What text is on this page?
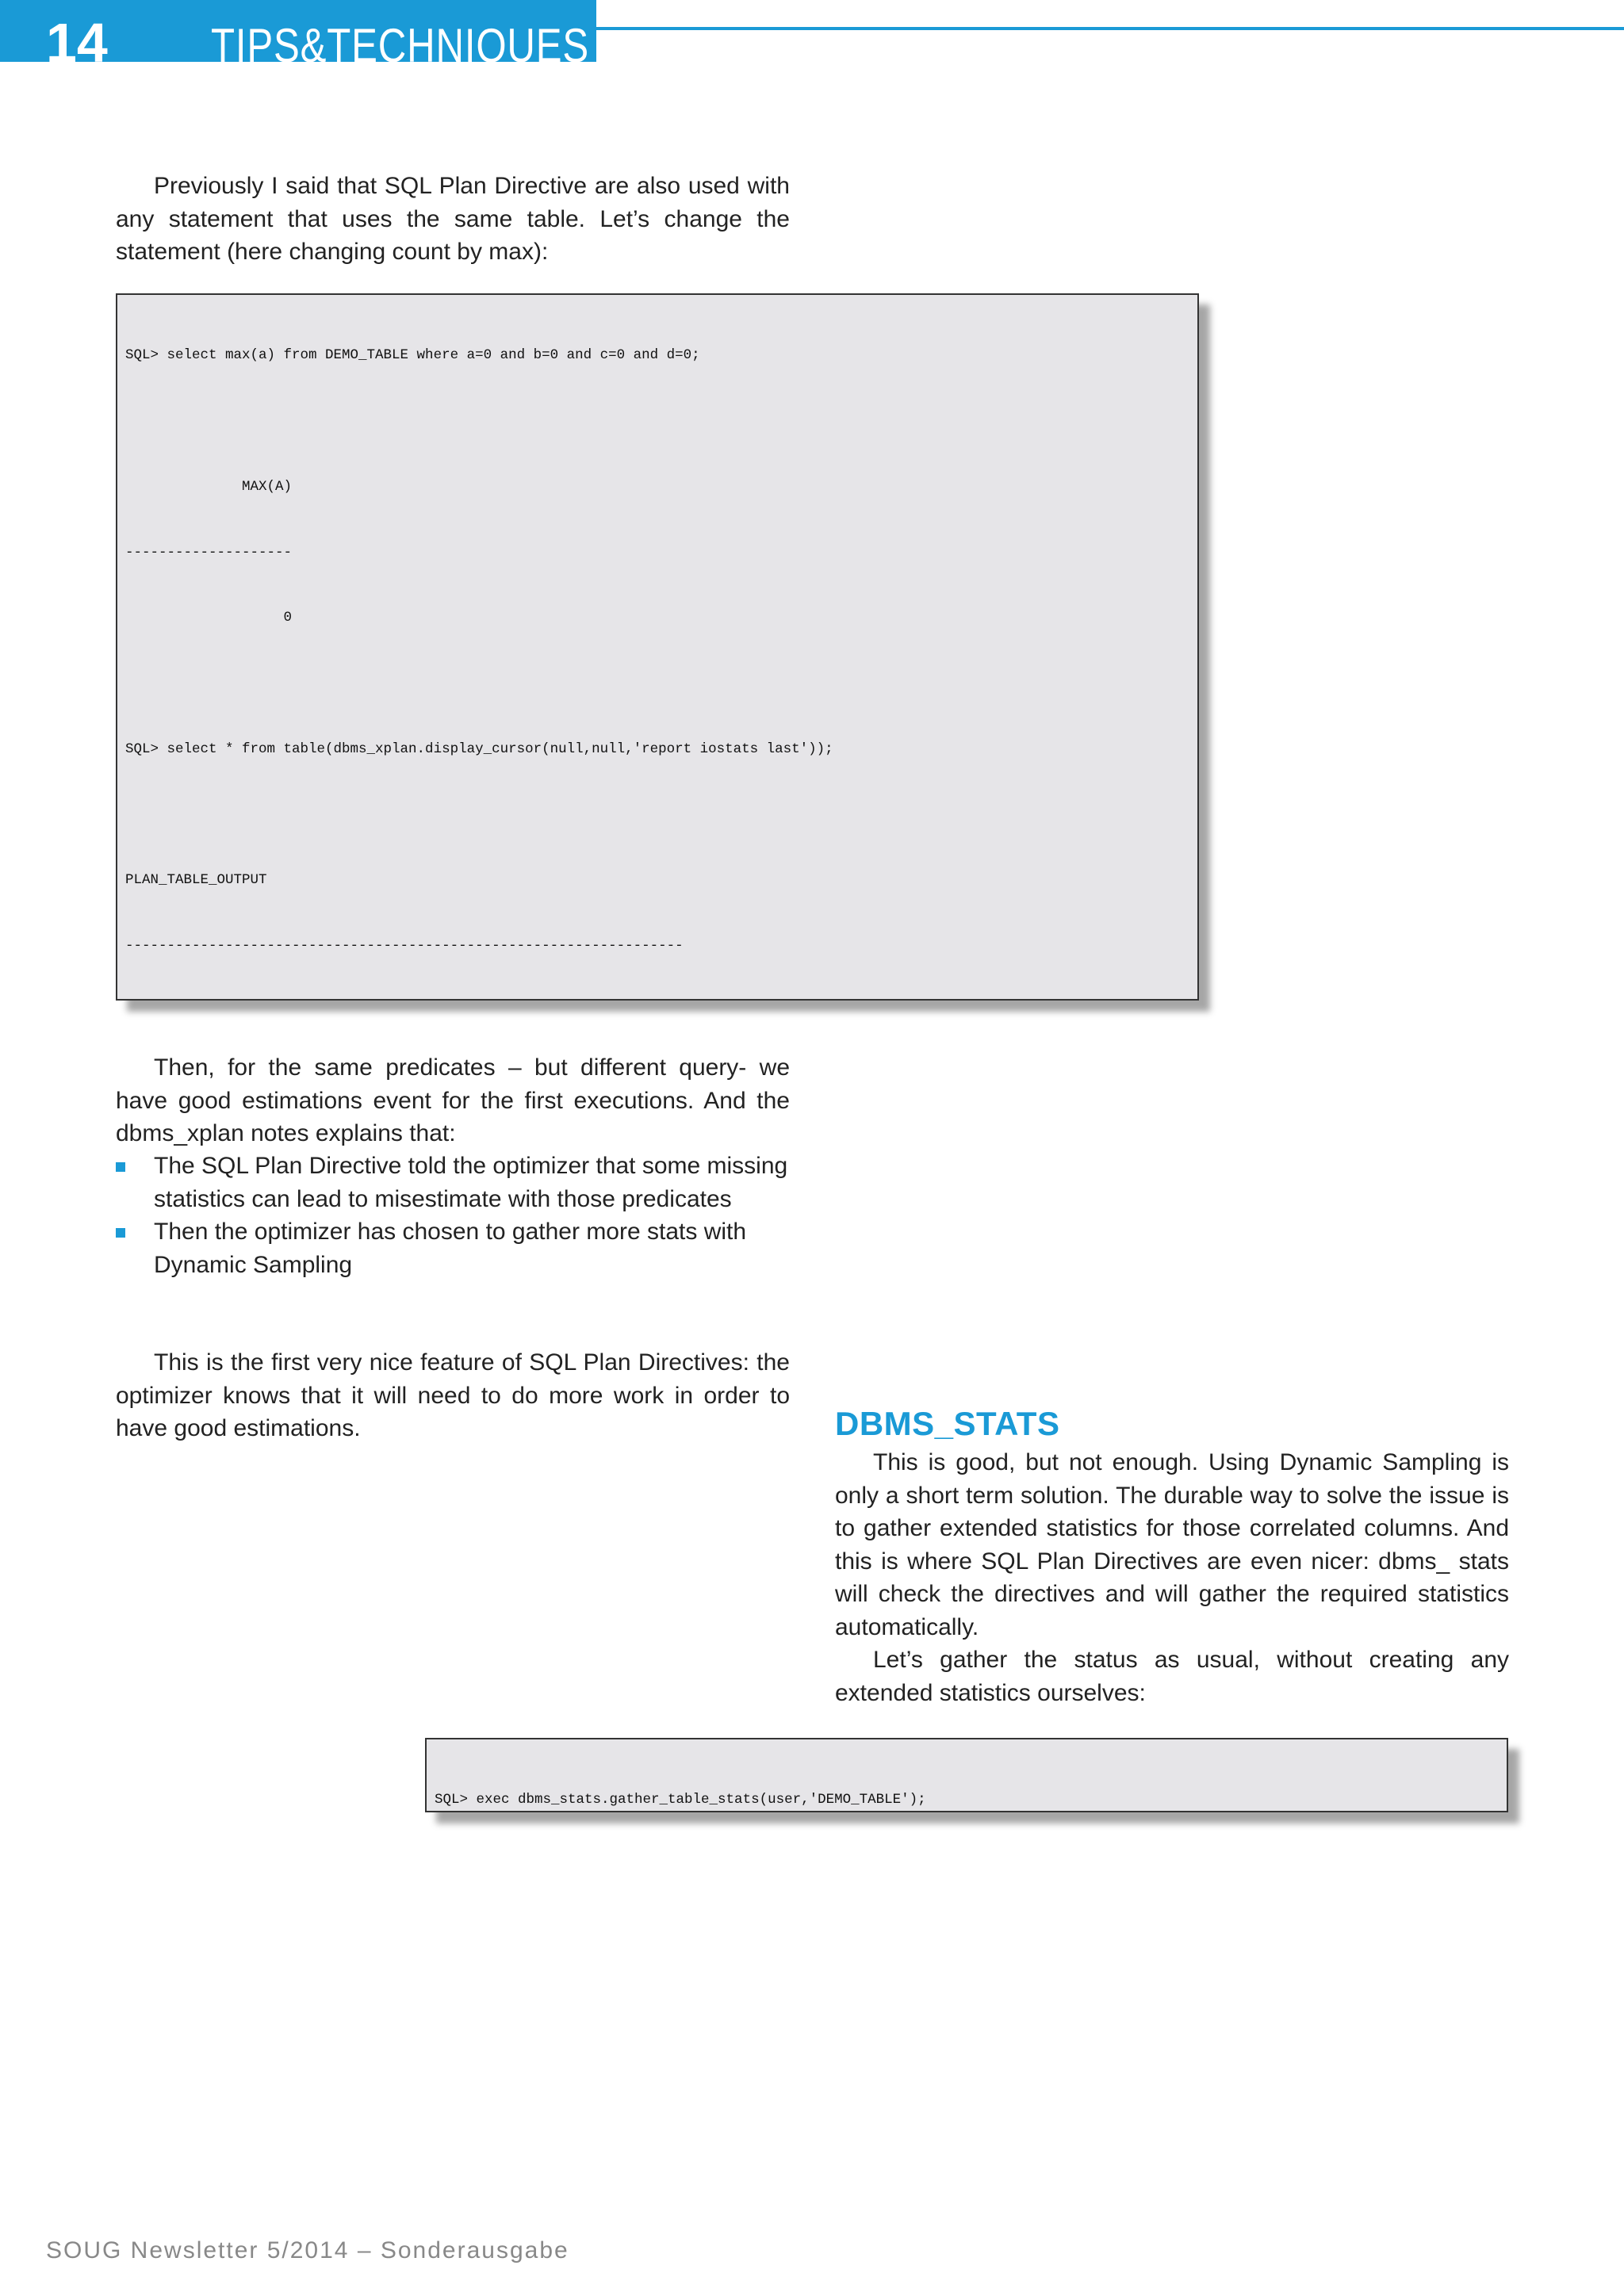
14 TIPS&TECHNIQUES

Previously I said that SQL Plan Directive are also used with any statement that uses the same table. Let’s change the statement (here changing count by max):

SQL> select max(a) from DEMO_TABLE where a=0 and b=0 and c=0 and d=0;

MAX(A)

--------------------

0

SQL> select * from table(dbms_xplan.display_cursor(null,null,'report iostats last'));

PLAN_TABLE_OUTPUT

-------------------------------------------------------------------

Then, for the same predicates – but different query- we have good estimations event for the first executions. And the dbms_xplan notes explains that:

The SQL Plan Directive told the optimizer that some missing statistics can lead to misestimate with those predicates
Then the optimizer has chosen to gather more stats with Dynamic Sampling

This is the first very nice feature of SQL Plan Directives: the optimizer knows that it will need to do more work in order to have good estimations.	DBMS_STATS

This is good, but not enough. Using Dynamic Sampling is only a short term solution. The durable way to solve the issue is to gather extended statistics for those correlated columns. And this is where SQL Plan Directives are even nicer: dbms_ stats will check the directives and will gather the required statistics automatically.

Let’s gather the status as usual, without creating any extended statistics ourselves:

SQL> exec dbms_stats.gather_table_stats(user,'DEMO_TABLE');

SOUG Newsletter 5/2014 – Sonderausgabe
